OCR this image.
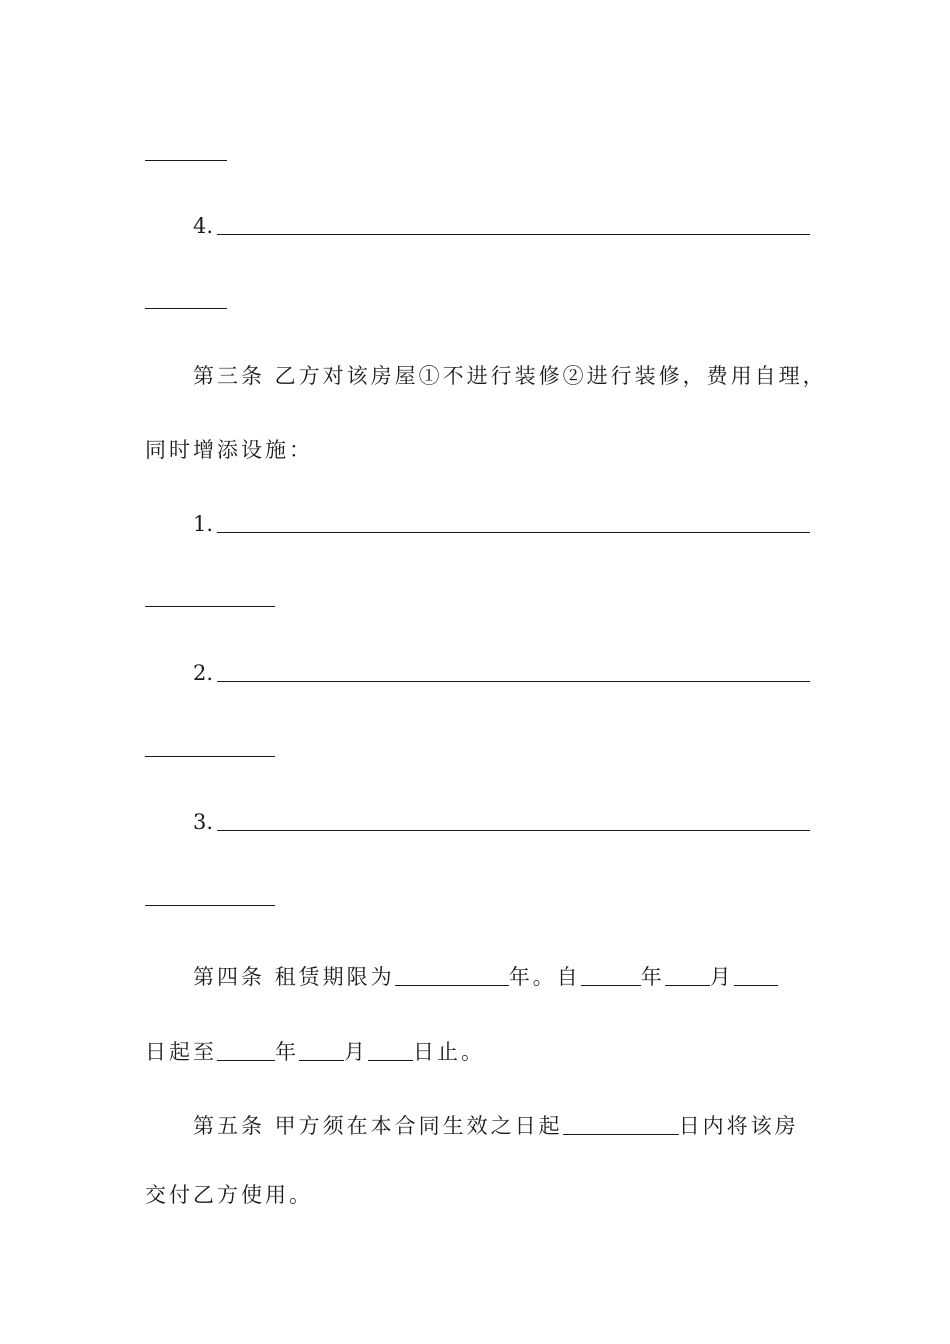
4.
第三条 乙方对该房屋①不进行装修②进行装修，费用自理，
同时增添设施：
1.
2.
3.
第四条 租赁期限为	年。自	年 月
日起至	年 月 日止。
第五条 甲方须在本合同生效之日起	日内将该房
交付乙方使用。
